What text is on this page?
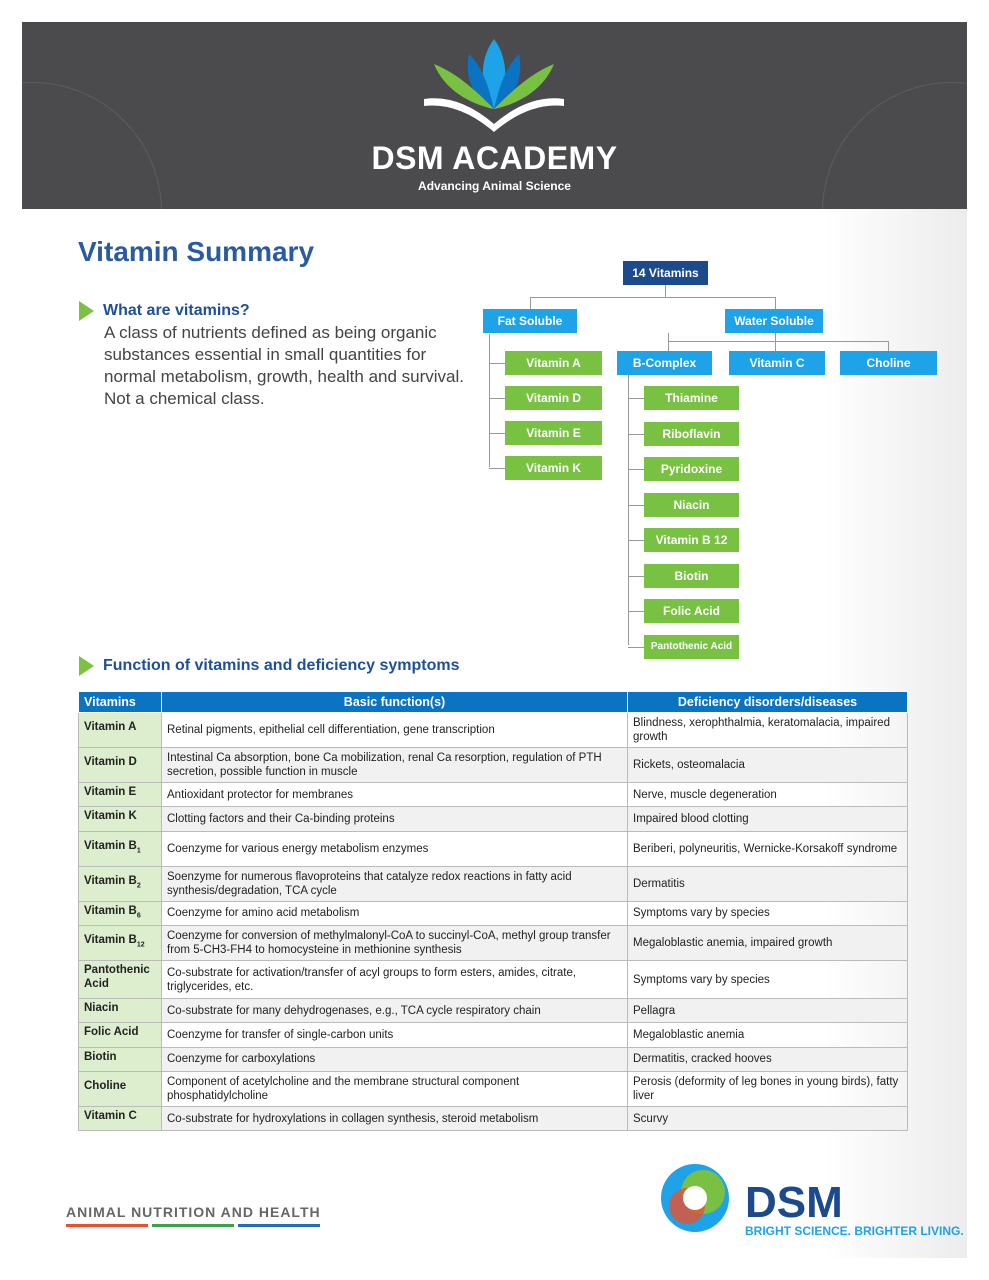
DSM ACADEMY
Advancing Animal Science
Vitamin Summary
What are vitamins?
A class of nutrients defined as being organic substances essential in small quantities for normal metabolism, growth, health and survival. Not a chemical class.
14 Vitamins
Fat Soluble	Water Soluble
Vitamin A
Vitamin D
Vitamin E
Vitamin K
B-Complex	Vitamin C	Choline
Thiamine
Riboflavin
Pyridoxine
Niacin
Vitamin B 12
Biotin
Folic Acid
Pantothenic Acid
Function of vitamins and deficiency symptoms
Vitamins	Basic function(s)	Deficiency disorders/diseases
Vitamin A	Retinal pigments, epithelial cell differentiation, gene transcription	Blindness, xerophthalmia, keratomalacia, impaired growth
Vitamin D	Intestinal Ca absorption, bone Ca mobilization, renal Ca resorption, regulation of PTH secretion, possible function in muscle	Rickets, osteomalacia
Vitamin E	Antioxidant protector for membranes	Nerve, muscle degeneration
Vitamin K	Clotting factors and their Ca-binding proteins	Impaired blood clotting
Vitamin $B_1$	Coenzyme for various energy metabolism enzymes	Beriberi, polyneuritis, Wernicke-Korsakoff syndrome
Vitamin $B_2$	Soenzyme for numerous flavoproteins that catalyze redox reactions in fatty acid synthesis/degradation, TCA cycle	Dermatitis
Vitamin $B_6$	Coenzyme for amino acid metabolism	Symptoms vary by species
Vitamin $B_{12}$	Coenzyme for conversion of methylmalonyl-CoA to succinyl-CoA, methyl group transfer from 5-CH3-FH4 to homocysteine in methionine synthesis	Megaloblastic anemia, impaired growth
Pantothenic Acid	Co-substrate for activation/transfer of acyl groups to form esters, amides, citrate, triglycerides, etc.	Symptoms vary by species
Niacin	Co-substrate for many dehydrogenases, e.g., TCA cycle respiratory chain	Pellagra
Folic Acid	Coenzyme for transfer of single-carbon units	Megaloblastic anemia
Biotin	Coenzyme for carboxylations	Dermatitis, cracked hooves
Choline	Component of acetylcholine and the membrane structural component phosphatidylcholine	Perosis (deformity of leg bones in young birds), fatty liver
Vitamin C	Co-substrate for hydroxylations in collagen synthesis, steroid metabolism	Scurvy
ANIMAL NUTRITION AND HEALTH	DSM
BRIGHT SCIENCE. BRIGHTER LIVING.
